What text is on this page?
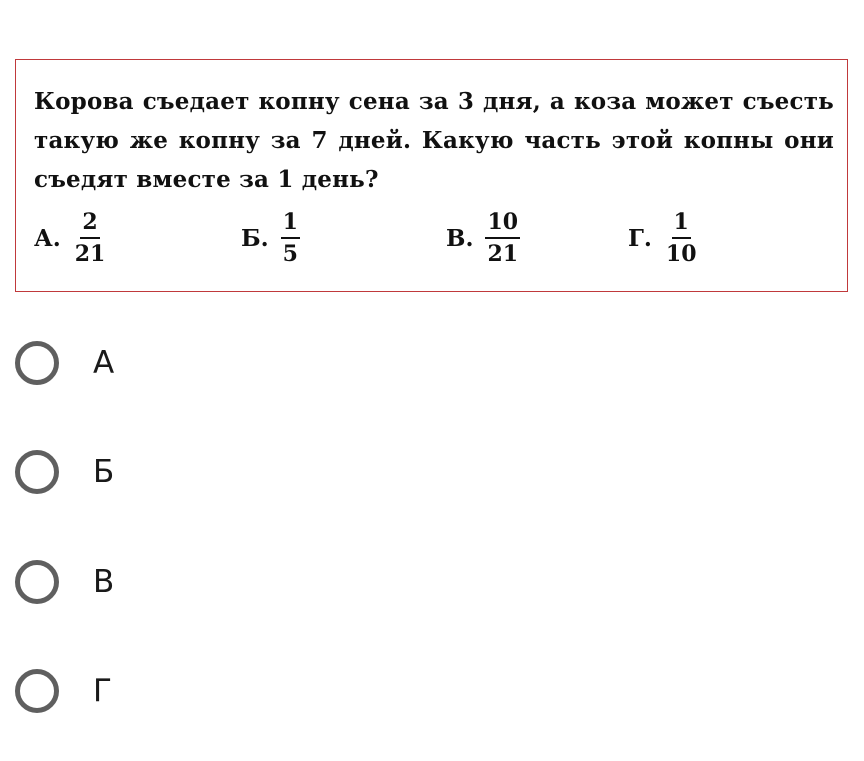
Корова съедает копну сена за 3 дня, а коза может съесть такую же копну за 7 дней. Какую часть этой копны они съедят вместе за 1 день?
А. $\frac{2}{21}$	Б. $\frac{1}{5}$	В. $\frac{10}{21}$	Г. $\frac{1}{10}$
А
Б
В
Г
